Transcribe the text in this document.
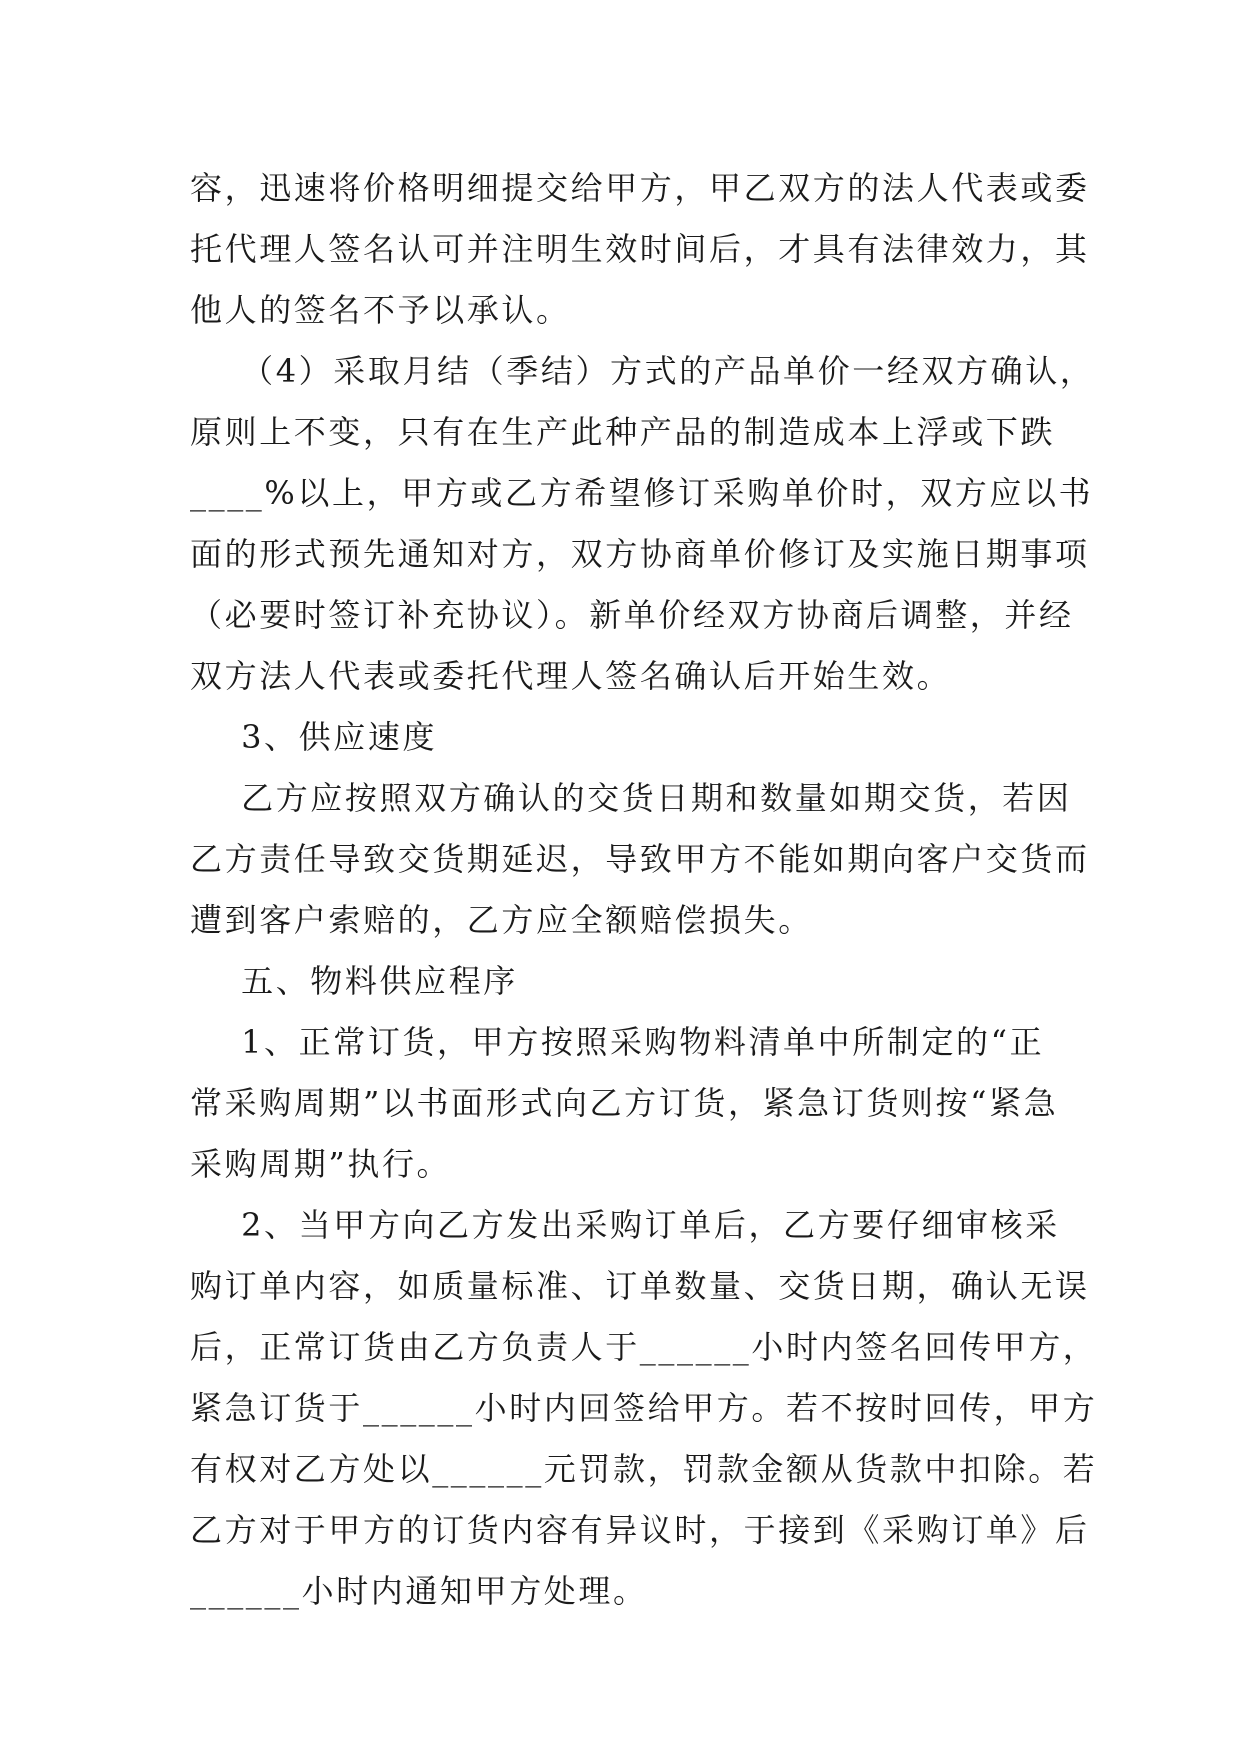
容，迅速将价格明细提交给甲方，甲乙双方的法人代表或委
托代理人签名认可并注明生效时间后，才具有法律效力，其
他人的签名不予以承认。
（4）采取月结（季结）方式的产品单价一经双方确认，
原则上不变，只有在生产此种产品的制造成本上浮或下跌
____%以上，甲方或乙方希望修订采购单价时，双方应以书
面的形式预先通知对方，双方协商单价修订及实施日期事项
（必要时签订补充协议）。新单价经双方协商后调整，并经
双方法人代表或委托代理人签名确认后开始生效。
3、供应速度
乙方应按照双方确认的交货日期和数量如期交货，若因
乙方责任导致交货期延迟，导致甲方不能如期向客户交货而
遭到客户索赔的，乙方应全额赔偿损失。
五、物料供应程序
1、正常订货，甲方按照采购物料清单中所制定的“正
常采购周期”以书面形式向乙方订货，紧急订货则按“紧急
采购周期”执行。
2、当甲方向乙方发出采购订单后，乙方要仔细审核采
购订单内容，如质量标准、订单数量、交货日期，确认无误
后，正常订货由乙方负责人于______小时内签名回传甲方，
紧急订货于______小时内回签给甲方。若不按时回传，甲方
有权对乙方处以______元罚款，罚款金额从货款中扣除。若
乙方对于甲方的订货内容有异议时，于接到《采购订单》后
______小时内通知甲方处理。
